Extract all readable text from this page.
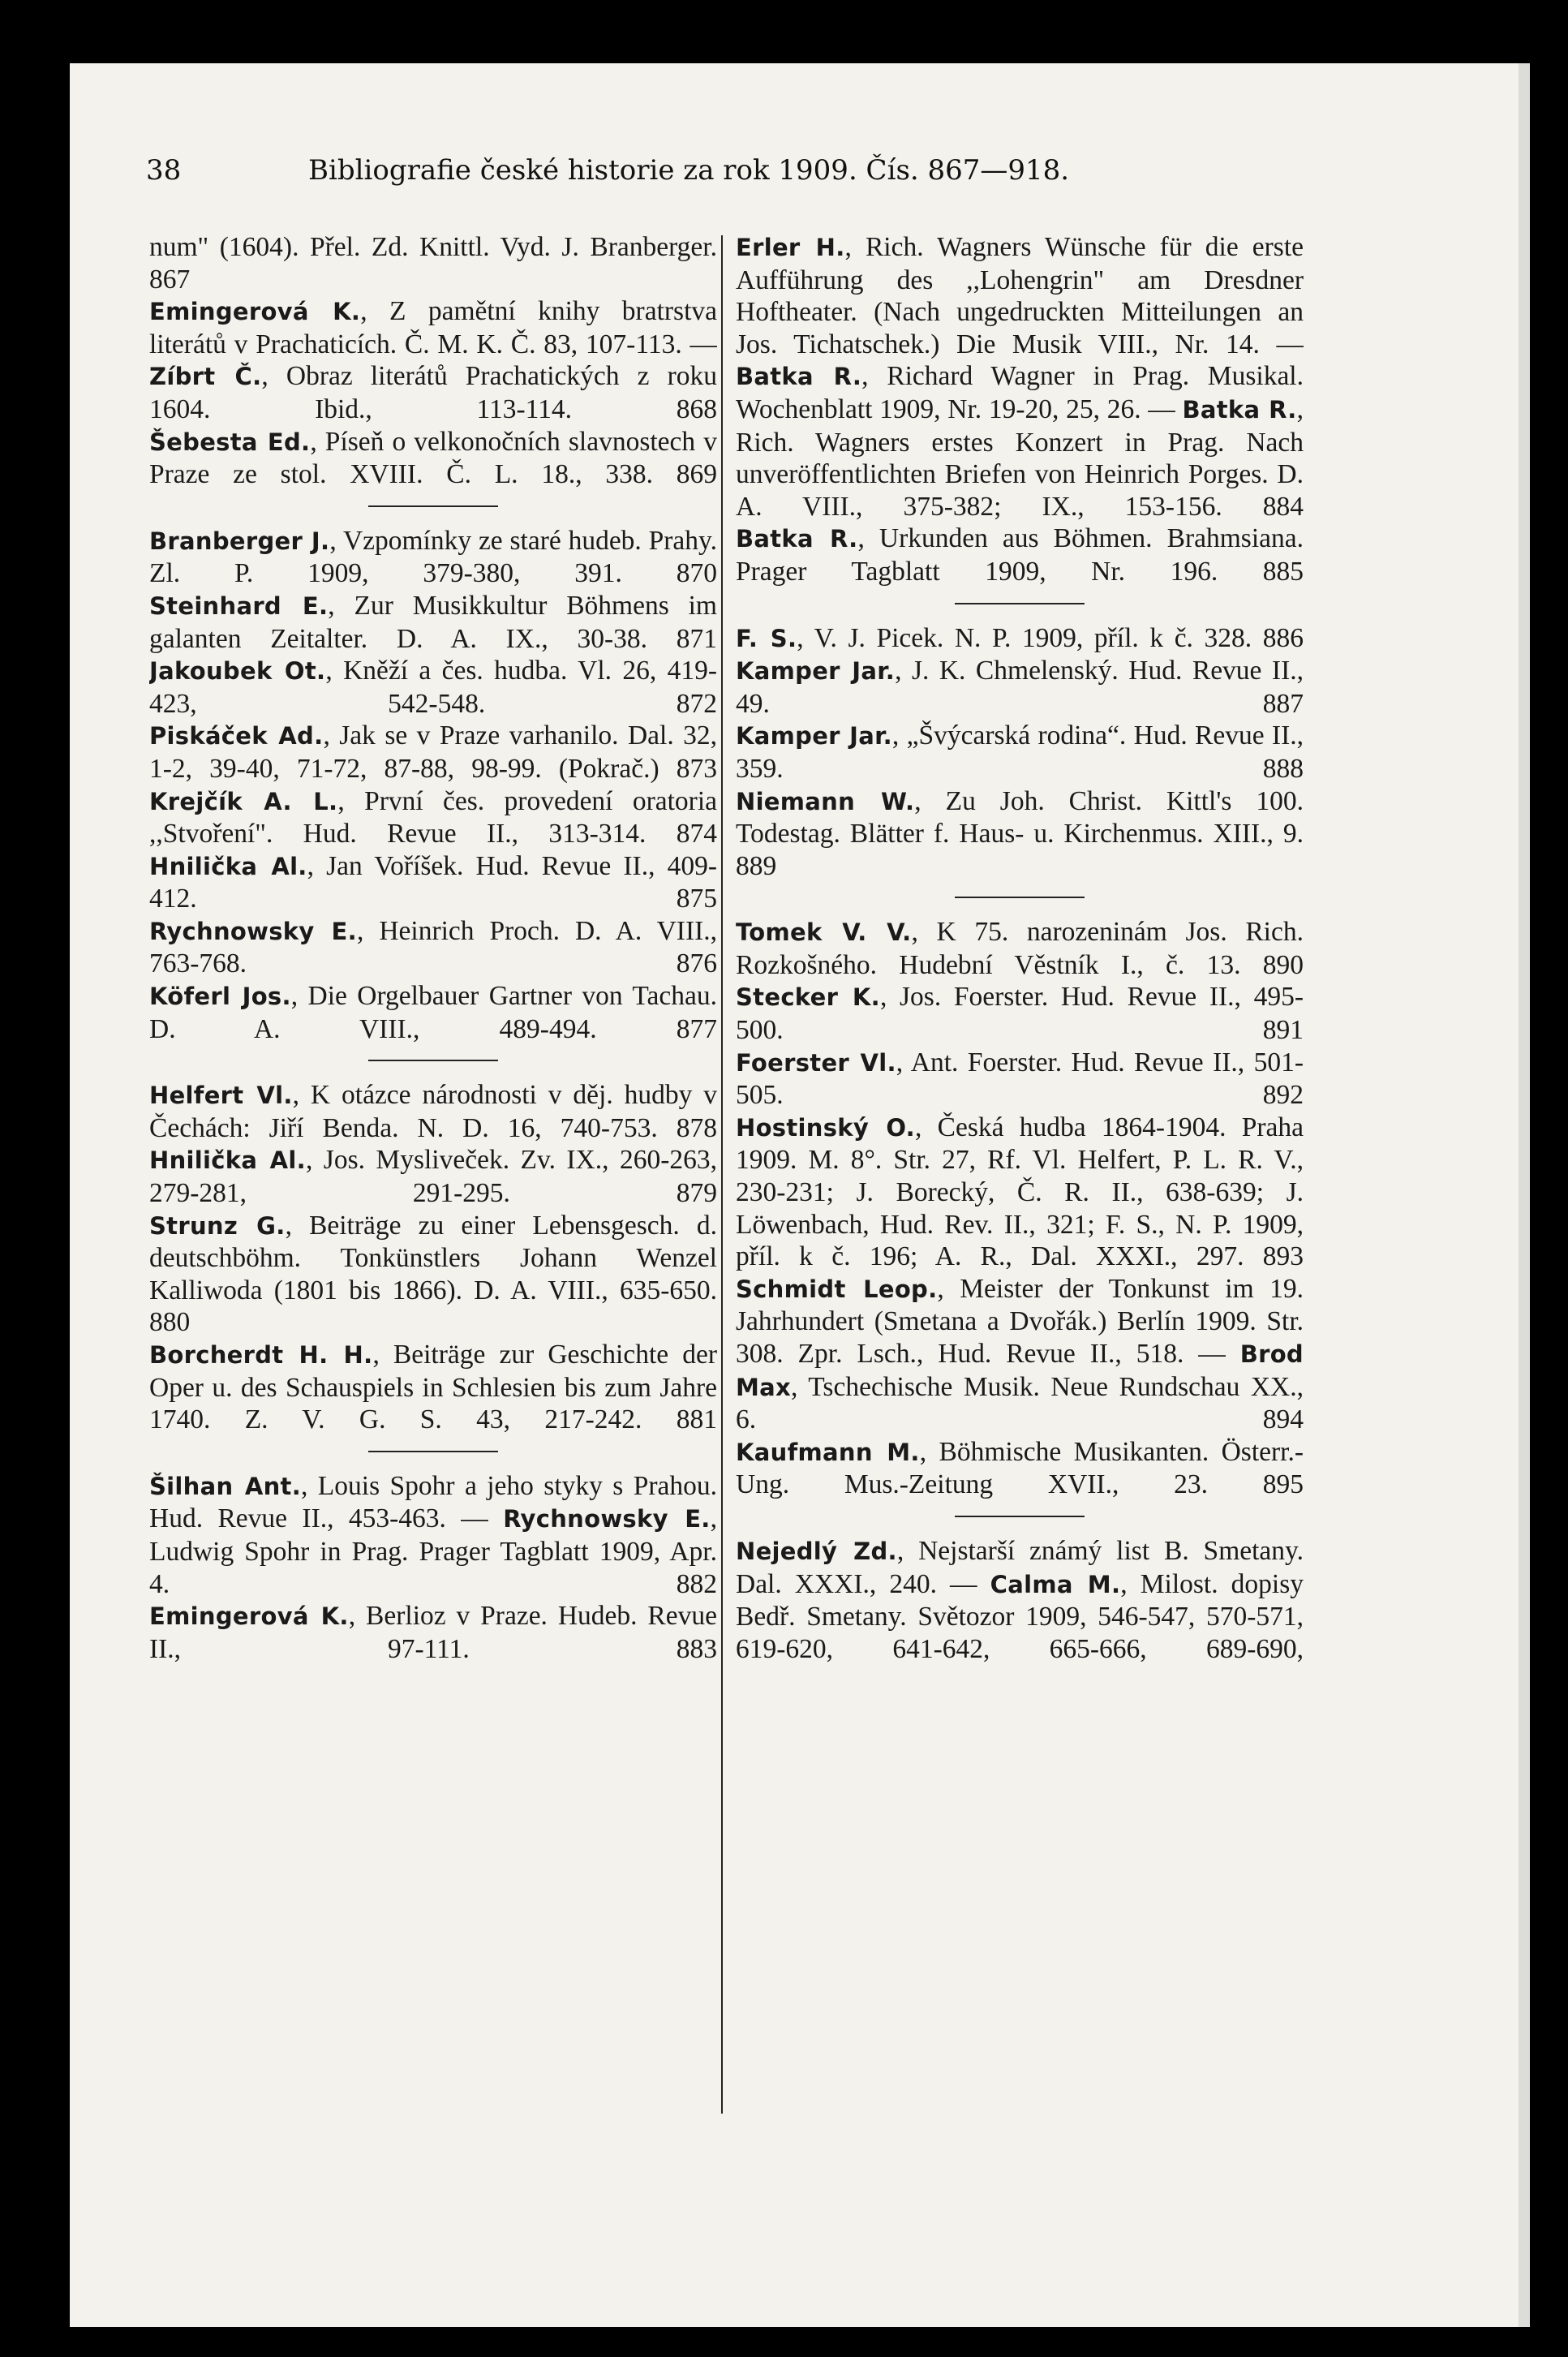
38	Bibliografie české historie za rok 1909. Čís. 867—918.

num" (1604). Přel. Zd. Knittl. Vyd. J. Branberger. 867

Emingerová K., Z pamětní knihy bratrstva literátů v Prachaticích. Č. M. K. Č. 83, 107-113. — Zíbrt Č., Obraz literátů Prachatických z roku 1604. Ibid., 113-114. 868

Šebesta Ed., Píseň o velkonočních slavnostech v Praze ze stol. XVIII. Č. L. 18., 338. 869

Branberger J., Vzpomínky ze staré hudeb. Prahy. Zl. P. 1909, 379-380, 391. 870

Steinhard E., Zur Musikkultur Böhmens im galanten Zeitalter. D. A. IX., 30-38. 871

Jakoubek Ot., Kněží a čes. hudba. Vl. 26, 419-423, 542-548. 872

Piskáček Ad., Jak se v Praze varhanilo. Dal. 32, 1-2, 39-40, 71-72, 87-88, 98-99. (Pokrač.) 873

Krejčík A. L., První čes. provedení oratoria ,,Stvoření". Hud. Revue II., 313-314. 874

Hnilička Al., Jan Voříšek. Hud. Revue II., 409-412. 875

Rychnowsky E., Heinrich Proch. D. A. VIII., 763-768. 876

Köferl Jos., Die Orgelbauer Gartner von Tachau. D. A. VIII., 489-494. 877

Helfert Vl., K otázce národnosti v děj. hudby v Čechách: Jiří Benda. N. D. 16, 740-753. 878

Hnilička Al., Jos. Mysliveček. Zv. IX., 260-263, 279-281, 291-295. 879

Strunz G., Beiträge zu einer Lebensgesch. d. deutschböhm. Tonkünstlers Johann Wenzel Kalliwoda (1801 bis 1866). D. A. VIII., 635-650. 880

Borcherdt H. H., Beiträge zur Geschichte der Oper u. des Schauspiels in Schlesien bis zum Jahre 1740. Z. V. G. S. 43, 217-242. 881

Šilhan Ant., Louis Spohr a jeho styky s Prahou. Hud. Revue II., 453-463. — Rychnowsky E., Ludwig Spohr in Prag. Prager Tagblatt 1909, Apr. 4. 882

Emingerová K., Berlioz v Praze. Hudeb. Revue II., 97-111. 883

Erler H., Rich. Wagners Wünsche für die erste Aufführung des ,,Lohengrin" am Dresdner Hoftheater. (Nach ungedruckten Mitteilungen an Jos. Tichatschek.) Die Musik VIII., Nr. 14. — Batka R., Richard Wagner in Prag. Musikal. Wochenblatt 1909, Nr. 19-20, 25, 26. — Batka R., Rich. Wagners erstes Konzert in Prag. Nach unveröffentlichten Briefen von Heinrich Porges. D. A. VIII., 375-382; IX., 153-156. 884

Batka R., Urkunden aus Böhmen. Brahmsiana. Prager Tagblatt 1909, Nr. 196. 885

F. S., V. J. Picek. N. P. 1909, příl. k č. 328. 886

Kamper Jar., J. K. Chmelenský. Hud. Revue II., 49. 887

Kamper Jar., „Švýcarská rodina“. Hud. Revue II., 359. 888

Niemann W., Zu Joh. Christ. Kittl's 100. Todestag. Blätter f. Haus- u. Kirchenmus. XIII., 9. 889

Tomek V. V., K 75. narozeninám Jos. Rich. Rozkošného. Hudební Věstník I., č. 13. 890

Stecker K., Jos. Foerster. Hud. Revue II., 495-500. 891

Foerster Vl., Ant. Foerster. Hud. Revue II., 501-505. 892

Hostinský O., Česká hudba 1864-1904. Praha 1909. M. 8°. Str. 27, Rf. Vl. Helfert, P. L. R. V., 230-231; J. Borecký, Č. R. II., 638-639; J. Löwenbach, Hud. Rev. II., 321; F. S., N. P. 1909, příl. k č. 196; A. R., Dal. XXXI., 297. 893

Schmidt Leop., Meister der Tonkunst im 19. Jahrhundert (Smetana a Dvořák.) Berlín 1909. Str. 308. Zpr. Lsch., Hud. Revue II., 518. — Brod Max, Tschechische Musik. Neue Rundschau XX., 6. 894

Kaufmann M., Böhmische Musikanten. Österr.-Ung. Mus.-Zeitung XVII., 23. 895

Nejedlý Zd., Nejstarší známý list B. Smetany. Dal. XXXI., 240. — Calma M., Milost. dopisy Bedř. Smetany. Světozor 1909, 546-547, 570-571, 619-620, 641-642, 665-666, 689-690,
